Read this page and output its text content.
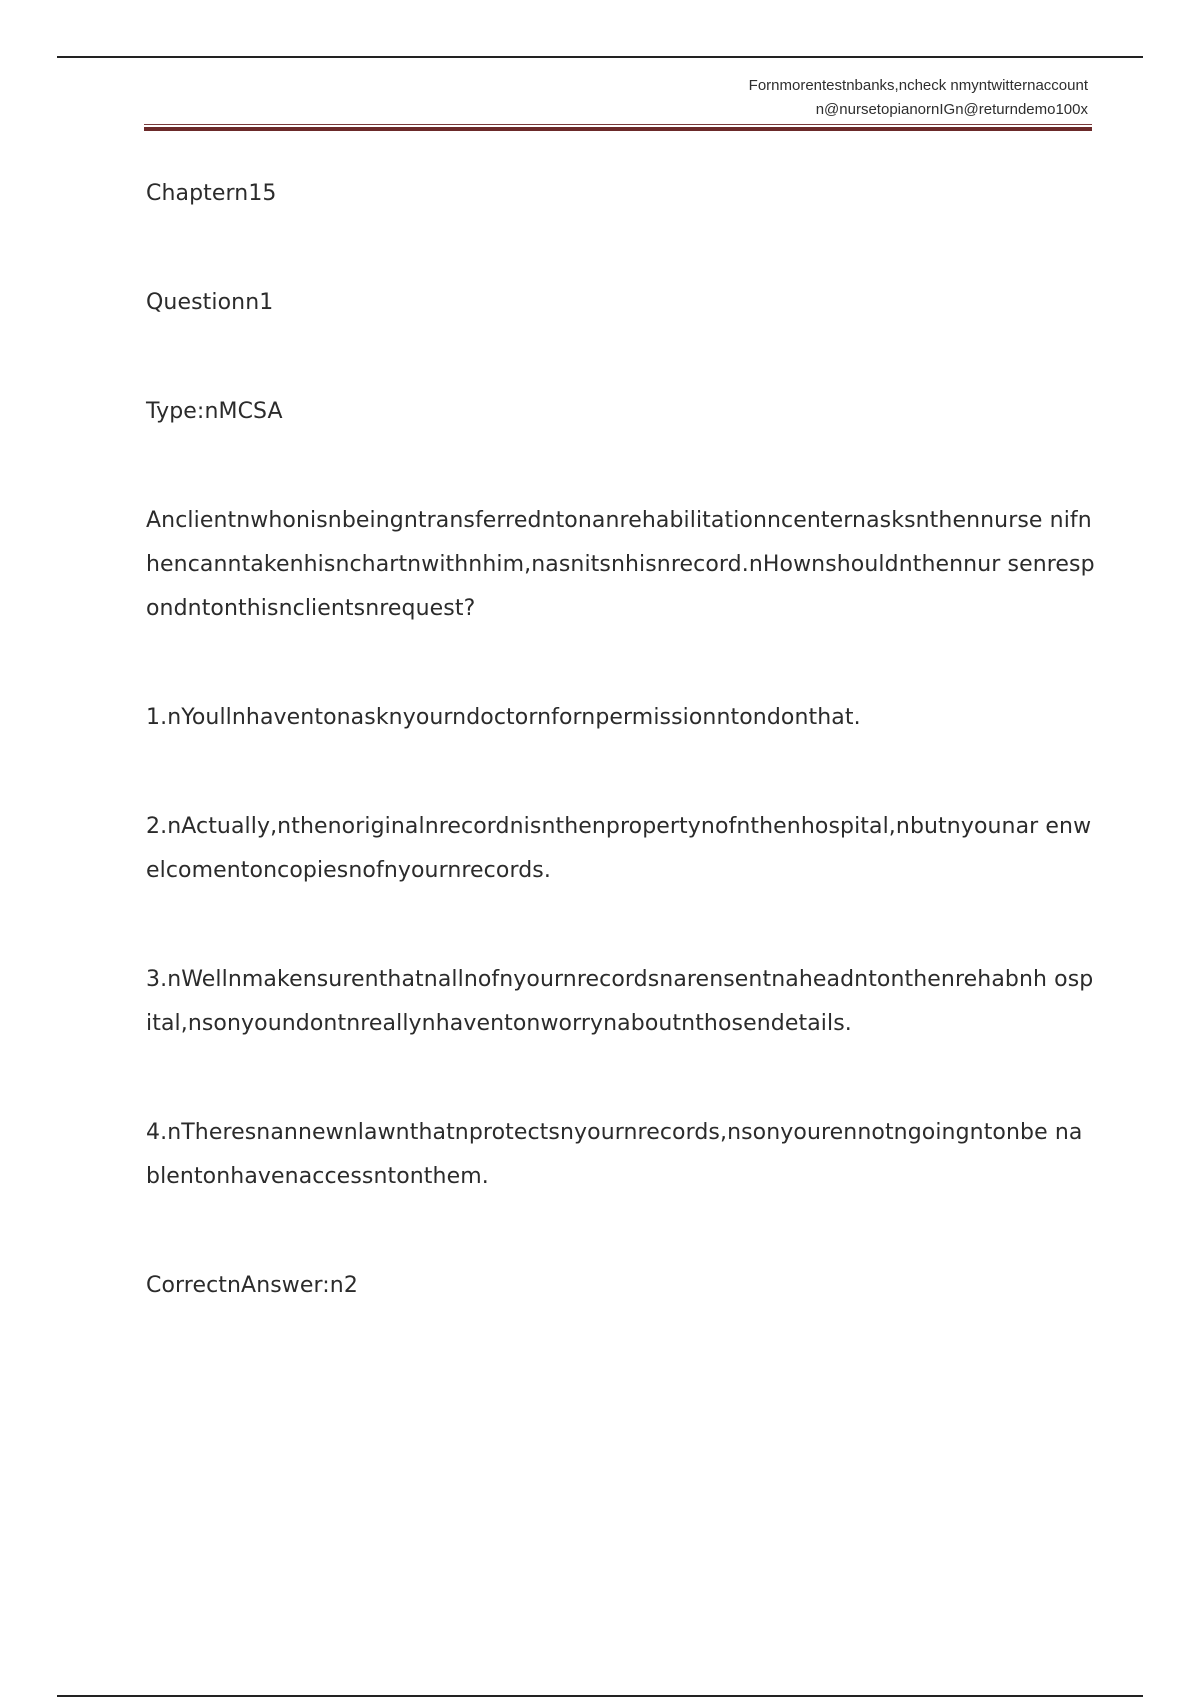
Fornmorentestnbanks,ncheck nmyntwitternaccount
n@nursetopianornIGn@returndemo100x

Chaptern15

Questionn1

Type:nMCSA

Anclientnwhonisnbeingntransferredntonanrehabilitationncenternasksnthennurse nifnhencanntakenhisnchartnwithnhim,nasnitsnhisnrecord.nHownshouldnthennur senrespondntonthisnclientsnrequest?

1.nYoullnhaventonasknyourndoctornfornpermissionntondonthat.

2.nActually,nthenoriginalnrecordnisnthenpropertynofnthenhospital,nbutnyounar enwelcomentoncopiesnofnyournrecords.

3.nWellnmakensurenthatnallnofnyournrecordsnarensentnaheadntonthenrehabnh ospital,nsonyoundontnreallynhaventonworrynaboutnthosendetails.

4.nTheresnannewnlawnthatnprotectsnyournrecords,nsonyourennotngoingntonbe nablentonhavenaccessntonthem.

CorrectnAnswer:n2
